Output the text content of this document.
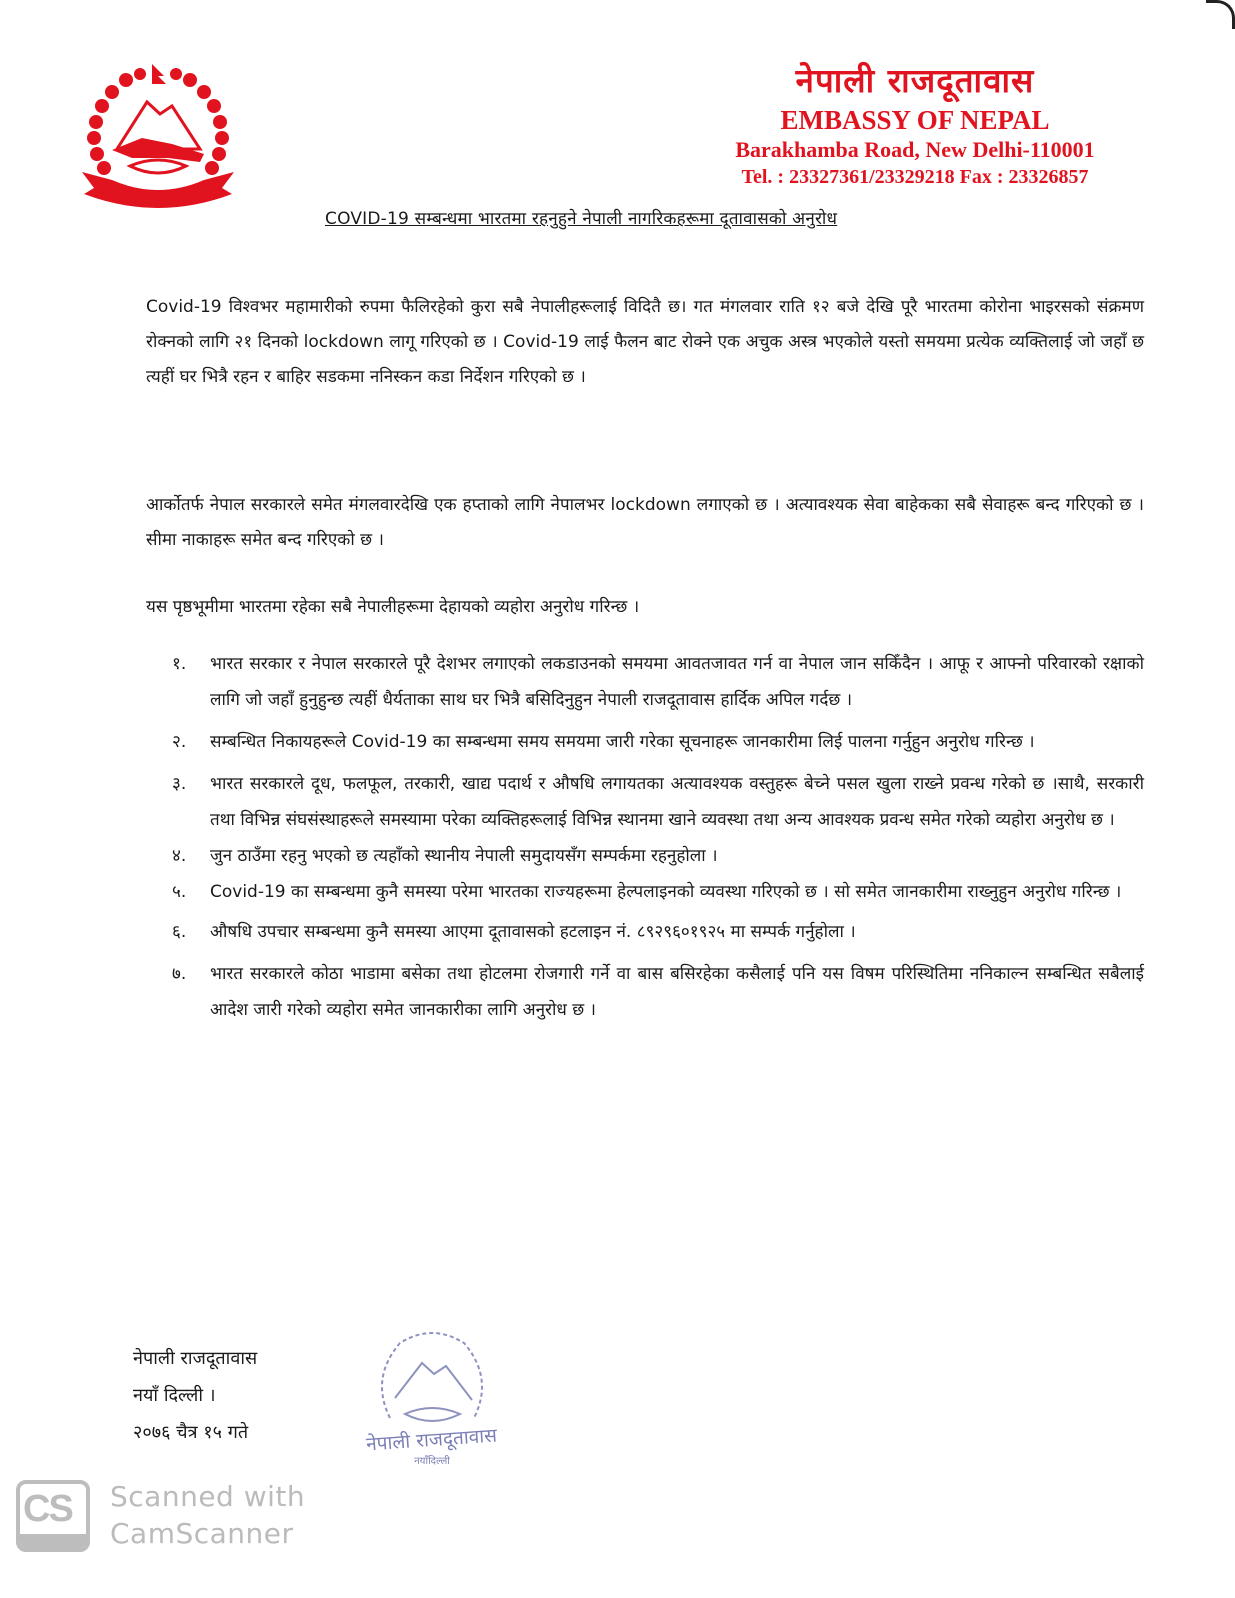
नेपाली राजदूतावास
EMBASSY OF NEPAL
Barakhamba Road, New Delhi-110001
Tel. : 23327361/23329218 Fax : 23326857
COVID-19 सम्बन्धमा भारतमा रहनुहुने नेपाली नागरिकहरूमा दूतावासको अनुरोध

Covid-19 विश्वभर महामारीको रुपमा फैलिरहेको कुरा सबै नेपालीहरूलाई विदितै छ। गत मंगलवार राति १२ बजे देखि पूरै भारतमा कोरोना भाइरसको संक्रमण रोक्नको लागि २१ दिनको lockdown लागू गरिएको छ । Covid-19 लाई फैलन बाट रोक्ने एक अचुक अस्त्र भएकोले यस्तो समयमा प्रत्येक व्यक्तिलाई जो जहाँ छ त्यहीं घर भित्रै रहन र बाहिर सडकमा ननिस्कन कडा निर्देशन गरिएको छ ।

आर्कोतर्फ नेपाल सरकारले समेत मंगलवारदेखि एक हप्ताको लागि नेपालभर lockdown लगाएको छ । अत्यावश्यक सेवा बाहेकका सबै सेवाहरू बन्द गरिएको छ । सीमा नाकाहरू समेत बन्द गरिएको छ ।

यस पृष्ठभूमीमा भारतमा रहेका सबै नेपालीहरूमा देहायको व्यहोरा अनुरोध गरिन्छ ।

१. भारत सरकार र नेपाल सरकारले पूरै देशभर लगाएको लकडाउनको समयमा आवतजावत गर्न वा नेपाल जान सकिँदैन । आफू र आफ्नो परिवारको रक्षाको लागि जो जहाँ हुनुहुन्छ त्यहीं धैर्यताका साथ घर भित्रै बसिदिनुहुन नेपाली राजदूतावास हार्दिक अपिल गर्दछ ।
२. सम्बन्धित निकायहरूले Covid-19 का सम्बन्धमा समय समयमा जारी गरेका सूचनाहरू जानकारीमा लिई पालना गर्नुहुन अनुरोध गरिन्छ ।
३. भारत सरकारले दूध, फलफूल, तरकारी, खाद्य पदार्थ र औषधि लगायतका अत्यावश्यक वस्तुहरू बेच्ने पसल खुला राख्ने प्रवन्ध गरेको छ ।साथै, सरकारी तथा विभिन्न संघसंस्थाहरूले समस्यामा परेका व्यक्तिहरूलाई विभिन्न स्थानमा खाने व्यवस्था तथा अन्य आवश्यक प्रवन्ध समेत गरेको व्यहोरा अनुरोध छ ।
४. जुन ठाउँमा रहनु भएको छ त्यहाँको स्थानीय नेपाली समुदायसँग सम्पर्कमा रहनुहोला ।
५. Covid-19 का सम्बन्धमा कुनै समस्या परेमा भारतका राज्यहरूमा हेल्पलाइनको व्यवस्था गरिएको छ । सो समेत जानकारीमा राख्नुहुन अनुरोध गरिन्छ ।
६. औषधि उपचार सम्बन्धमा कुनै समस्या आएमा दूतावासको हटलाइन नं. ८९२९६०१९२५ मा सम्पर्क गर्नुहोला ।
७. भारत सरकारले कोठा भाडामा बसेका तथा होटलमा रोजगारी गर्ने वा बास बसिरहेका कसैलाई पनि यस विषम परिस्थितिमा ननिकाल्न सम्बन्धित सबैलाई आदेश जारी गरेको व्यहोरा समेत जानकारीका लागि अनुरोध छ ।
नेपाली राजदूतावास
नयाँ दिल्ली ।
२०७६ चैत्र १५ गते	नेपाली राजदूतावास
नयाँदिल्ली
CS Scanned with
CamScanner
